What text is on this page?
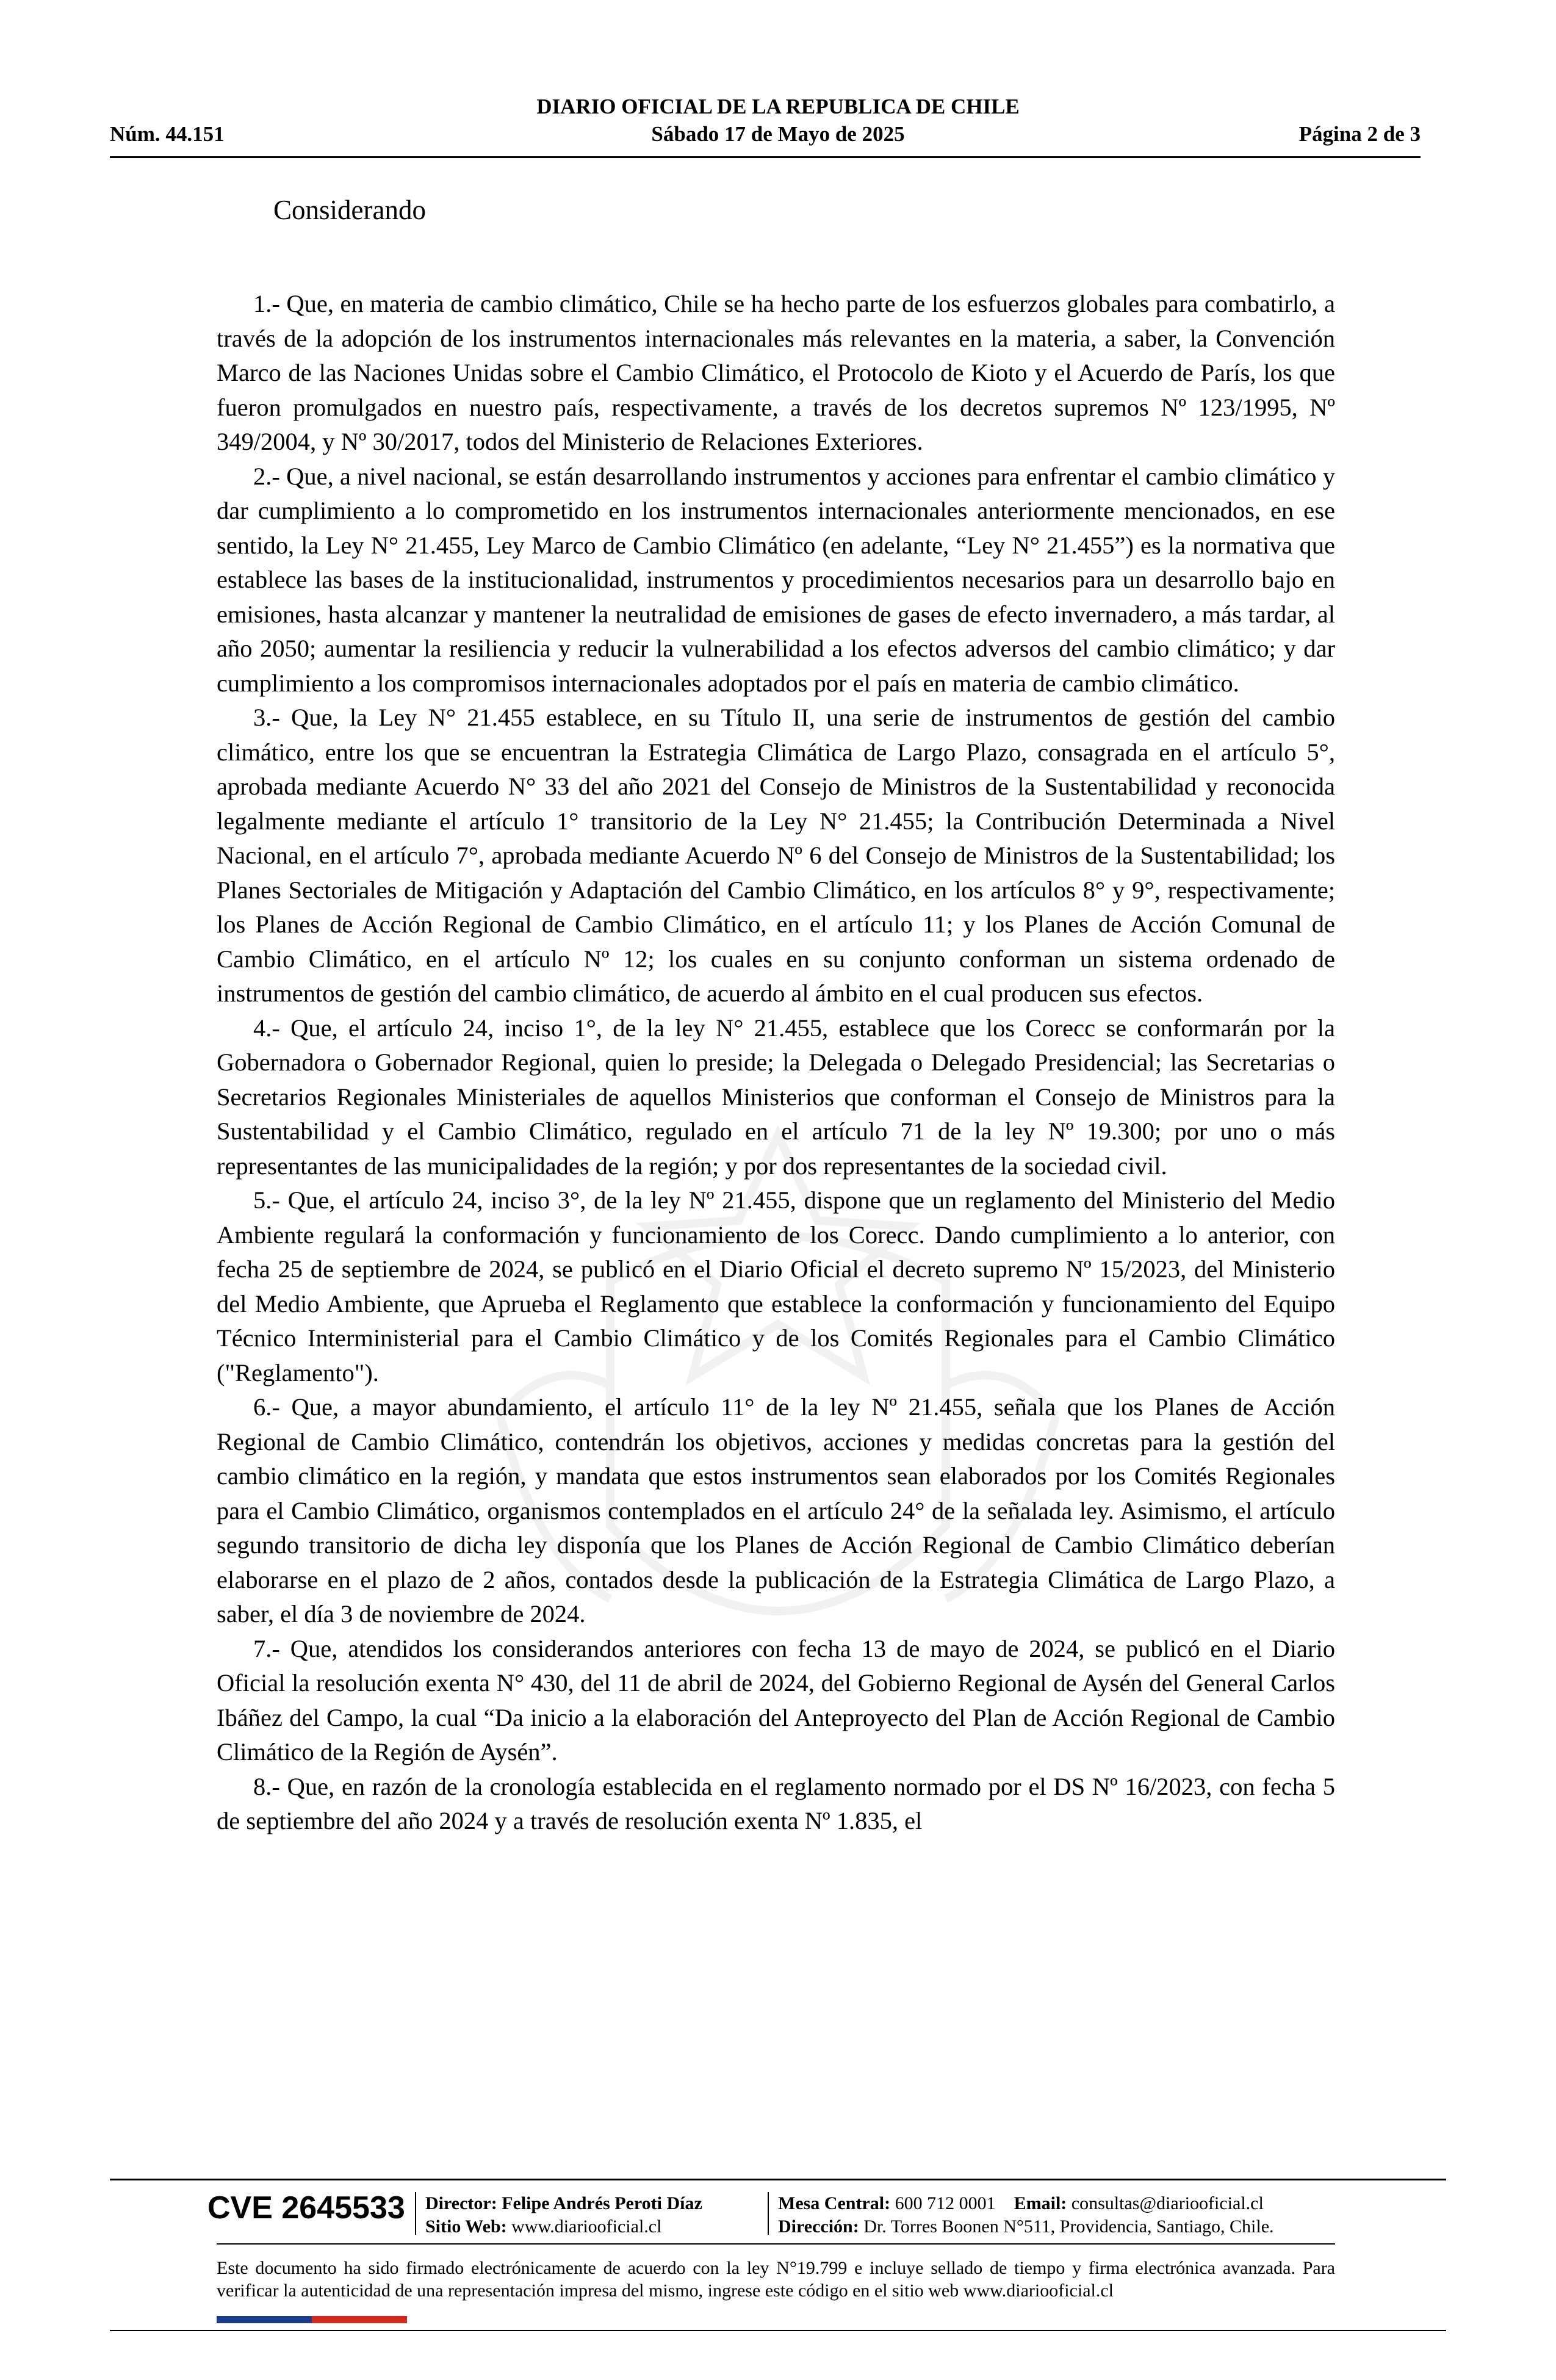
DIARIO OFICIAL DE LA REPUBLICA DE CHILE
Núm. 44.151	Sábado 17 de Mayo de 2025	Página 2 de 3
Considerando

1.- Que, en materia de cambio climático, Chile se ha hecho parte de los esfuerzos globales para combatirlo, a través de la adopción de los instrumentos internacionales más relevantes en la materia, a saber, la Convención Marco de las Naciones Unidas sobre el Cambio Climático, el Protocolo de Kioto y el Acuerdo de París, los que fueron promulgados en nuestro país, respectivamente, a través de los decretos supremos Nº 123/1995, Nº 349/2004, y Nº 30/2017, todos del Ministerio de Relaciones Exteriores.

2.- Que, a nivel nacional, se están desarrollando instrumentos y acciones para enfrentar el cambio climático y dar cumplimiento a lo comprometido en los instrumentos internacionales anteriormente mencionados, en ese sentido, la Ley N° 21.455, Ley Marco de Cambio Climático (en adelante, “Ley N° 21.455”) es la normativa que establece las bases de la institucionalidad, instrumentos y procedimientos necesarios para un desarrollo bajo en emisiones, hasta alcanzar y mantener la neutralidad de emisiones de gases de efecto invernadero, a más tardar, al año 2050; aumentar la resiliencia y reducir la vulnerabilidad a los efectos adversos del cambio climático; y dar cumplimiento a los compromisos internacionales adoptados por el país en materia de cambio climático.

3.- Que, la Ley N° 21.455 establece, en su Título II, una serie de instrumentos de gestión del cambio climático, entre los que se encuentran la Estrategia Climática de Largo Plazo, consagrada en el artículo 5°, aprobada mediante Acuerdo N° 33 del año 2021 del Consejo de Ministros de la Sustentabilidad y reconocida legalmente mediante el artículo 1° transitorio de la Ley N° 21.455; la Contribución Determinada a Nivel Nacional, en el artículo 7°, aprobada mediante Acuerdo Nº 6 del Consejo de Ministros de la Sustentabilidad; los Planes Sectoriales de Mitigación y Adaptación del Cambio Climático, en los artículos 8° y 9°, respectivamente; los Planes de Acción Regional de Cambio Climático, en el artículo 11; y los Planes de Acción Comunal de Cambio Climático, en el artículo Nº 12; los cuales en su conjunto conforman un sistema ordenado de instrumentos de gestión del cambio climático, de acuerdo al ámbito en el cual producen sus efectos.

4.- Que, el artículo 24, inciso 1°, de la ley N° 21.455, establece que los Corecc se conformarán por la Gobernadora o Gobernador Regional, quien lo preside; la Delegada o Delegado Presidencial; las Secretarias o Secretarios Regionales Ministeriales de aquellos Ministerios que conforman el Consejo de Ministros para la Sustentabilidad y el Cambio Climático, regulado en el artículo 71 de la ley Nº 19.300; por uno o más representantes de las municipalidades de la región; y por dos representantes de la sociedad civil.

5.- Que, el artículo 24, inciso 3°, de la ley Nº 21.455, dispone que un reglamento del Ministerio del Medio Ambiente regulará la conformación y funcionamiento de los Corecc. Dando cumplimiento a lo anterior, con fecha 25 de septiembre de 2024, se publicó en el Diario Oficial el decreto supremo Nº 15/2023, del Ministerio del Medio Ambiente, que Aprueba el Reglamento que establece la conformación y funcionamiento del Equipo Técnico Interministerial para el Cambio Climático y de los Comités Regionales para el Cambio Climático ("Reglamento").

6.- Que, a mayor abundamiento, el artículo 11° de la ley Nº 21.455, señala que los Planes de Acción Regional de Cambio Climático, contendrán los objetivos, acciones y medidas concretas para la gestión del cambio climático en la región, y mandata que estos instrumentos sean elaborados por los Comités Regionales para el Cambio Climático, organismos contemplados en el artículo 24° de la señalada ley. Asimismo, el artículo segundo transitorio de dicha ley disponía que los Planes de Acción Regional de Cambio Climático deberían elaborarse en el plazo de 2 años, contados desde la publicación de la Estrategia Climática de Largo Plazo, a saber, el día 3 de noviembre de 2024.

7.- Que, atendidos los considerandos anteriores con fecha 13 de mayo de 2024, se publicó en el Diario Oficial la resolución exenta N° 430, del 11 de abril de 2024, del Gobierno Regional de Aysén del General Carlos Ibáñez del Campo, la cual “Da inicio a la elaboración del Anteproyecto del Plan de Acción Regional de Cambio Climático de la Región de Aysén”.

8.- Que, en razón de la cronología establecida en el reglamento normado por el DS Nº 16/2023, con fecha 5 de septiembre del año 2024 y a través de resolución exenta Nº 1.835, el

CVE 2645533 Director: Felipe Andrés Peroti Díaz
Sitio Web: www.diariooficial.cl
Mesa Central: 600 712 0001 Email: consultas@diariooficial.cl
Dirección: Dr. Torres Boonen N°511, Providencia, Santiago, Chile.
Este documento ha sido firmado electrónicamente de acuerdo con la ley N°19.799 e incluye sellado de tiempo y firma electrónica avanzada. Para verificar la autenticidad de una representación impresa del mismo, ingrese este código en el sitio web www.diariooficial.cl
